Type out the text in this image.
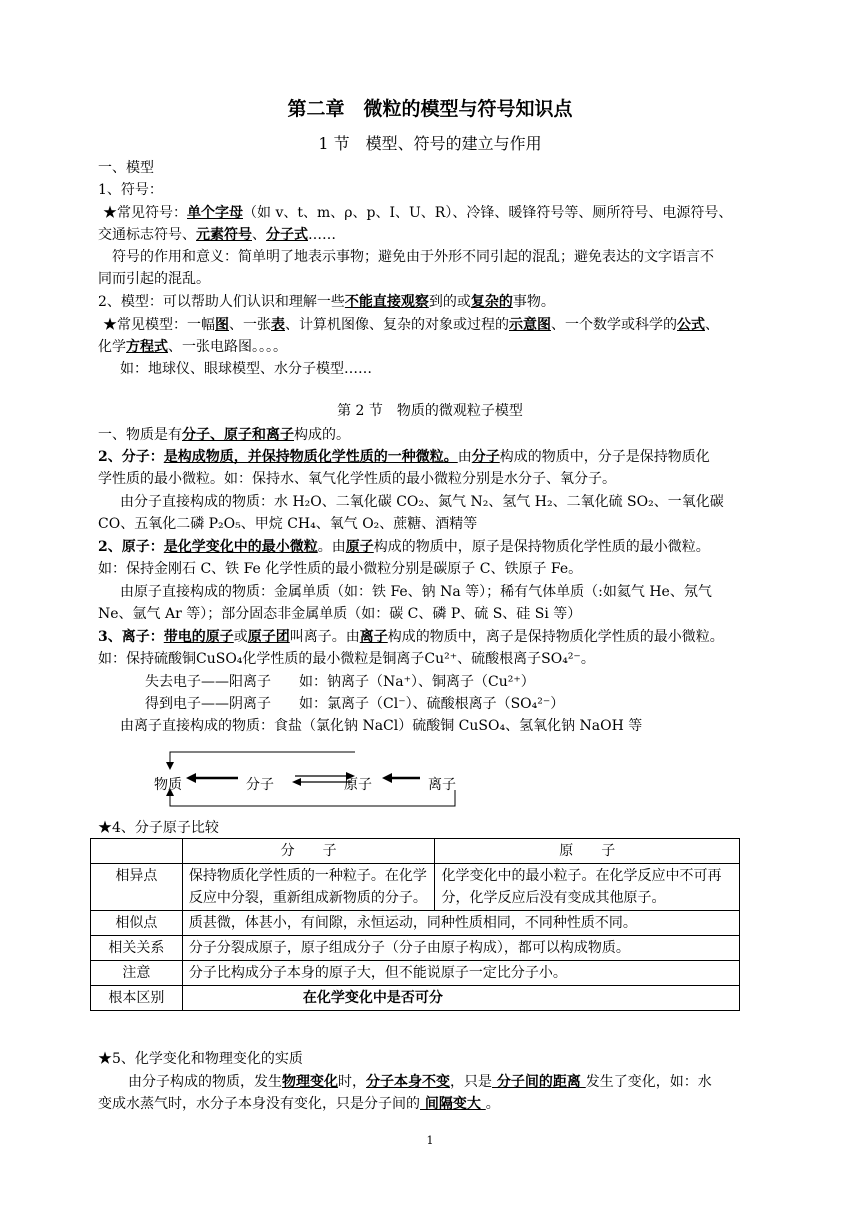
第二章　微粒的模型与符号知识点
1 节　模型、符号的建立与作用
一、模型
1、符号：
★常见符号：单个字母（如 v、t、m、ρ、p、I、U、R）、冷锋、暖锋符号等、厕所符号、电源符号、
交通标志符号、元素符号、分子式……
符号的作用和意义：简单明了地表示事物；避免由于外形不同引起的混乱；避免表达的文字语言不
同而引起的混乱。
2、模型：可以帮助人们认识和理解一些不能直接观察到的或复杂的事物。
★常见模型：一幅图、一张表、计算机图像、复杂的对象或过程的示意图、一个数学或科学的公式、
化学方程式、一张电路图。。。。
如：地球仪、眼球模型、水分子模型……
第 2 节　物质的微观粒子模型
一、物质是有分子、原子和离子构成的。
2、分子：是构成物质，并保持物质化学性质的一种微粒。由分子构成的物质中，分子是保持物质化
学性质的最小微粒。如：保持水、氧气化学性质的最小微粒分别是水分子、氧分子。
由分子直接构成的物质：水 H₂O、二氧化碳 CO₂、氮气 N₂、氢气 H₂、二氧化硫 SO₂、一氧化碳
CO、五氧化二磷 P₂O₅、甲烷 CH₄、氧气 O₂、蔗糖、酒精等
2、原子：是化学变化中的最小微粒。由原子构成的物质中，原子是保持物质化学性质的最小微粒。
如：保持金刚石 C、铁 Fe 化学性质的最小微粒分别是碳原子 C、铁原子 Fe。
由原子直接构成的物质：金属单质（如：铁 Fe、钠 Na 等）；稀有气体单质（:如氦气 He、氖气
Ne、氩气 Ar 等）；部分固态非金属单质（如：碳 C、磷 P、硫 S、硅 Si 等）
3、离子：带电的原子或原子团叫离子。由离子构成的物质中，离子是保持物质化学性质的最小微粒。
如：保持硫酸铜CuSO₄化学性质的最小微粒是铜离子Cu²⁺、硫酸根离子SO₄²⁻。
失去电子——阳离子　　如：钠离子（Na⁺）、铜离子（Cu²⁺）
得到电子——阴离子　　如：氯离子（Cl⁻）、硫酸根离子（SO₄²⁻）
由离子直接构成的物质：食盐（氯化钠 NaCl）硫酸铜 CuSO₄、氢氧化钠 NaOH 等
物质	分子	原子	离子
★4、分子原子比较
	分　　子	原　　子
相异点	保持物质化学性质的一种粒子。在化学反应中分裂，重新组成新物质的分子。	化学变化中的最小粒子。在化学反应中不可再分，化学反应后没有变成其他原子。
相似点	质甚微，体甚小，有间隙，永恒运动，同种性质相同，不同种性质不同。	
相关关系	分子分裂成原子，原子组成分子（分子由原子构成），都可以构成物质。	
注意	分子比构成分子本身的原子大，但不能说原子一定比分子小。	
根本区别	在化学变化中是否可分	
★5、化学变化和物理变化的实质
由分子构成的物质，发生物理变化时，分子本身不变，只是 分子间的距离 发生了变化，如：水
变成水蒸气时，水分子本身没有变化，只是分子间的 间隔变大 。
1
